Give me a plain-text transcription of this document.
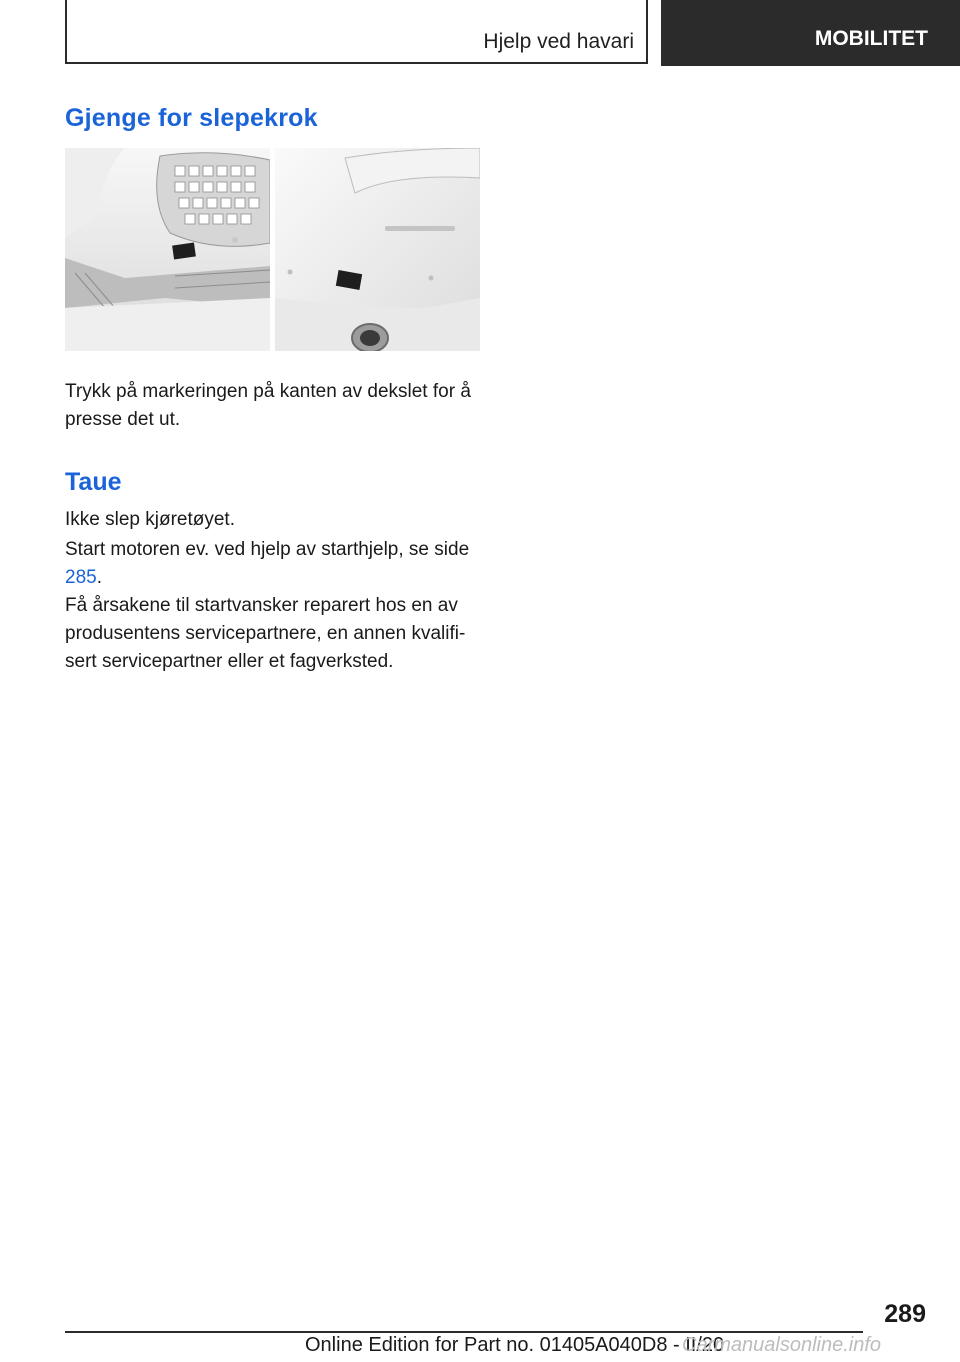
Hjelp ved havari	MOBILITET
Gjenge for slepekrok

Trykk på markeringen på kanten av dekslet for å presse det ut.

Taue

Ikke slep kjøretøyet.

Start motoren ev. ved hjelp av starthjelp, se side 285.

Få årsakene til startvansker reparert hos en av produsentens servicepartnere, en annen kvalifi-sert servicepartner eller et fagverksted.

289
Online Edition for Part no. 01405A040D8 - II/20
Carmanualsonline.info
